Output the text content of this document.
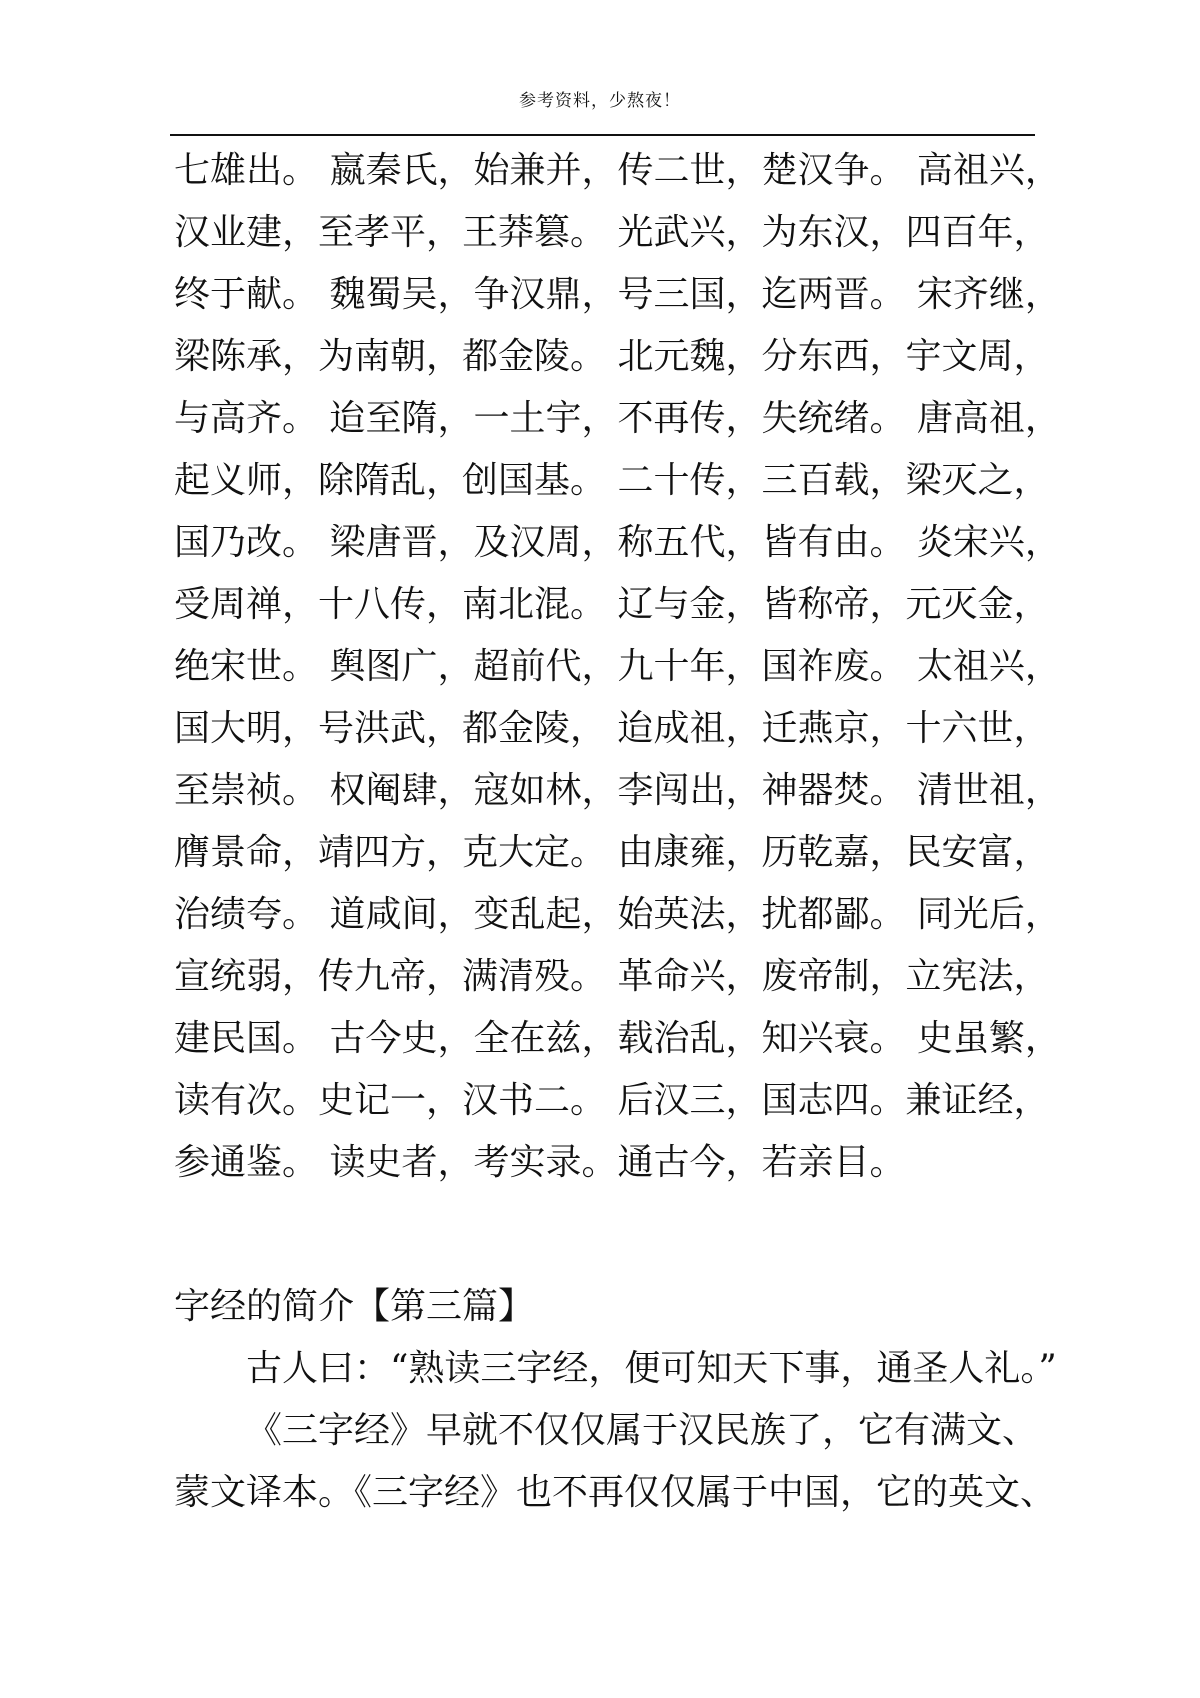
参考资料，少熬夜！
七雄出。 嬴秦氏，始兼并，传二世，楚汉争。 高祖兴，
汉业建，至孝平，王莽篡。 光武兴，为东汉，四百年，
终于献。 魏蜀吴，争汉鼎，号三国，迄两晋。 宋齐继，
梁陈承，为南朝，都金陵。 北元魏，分东西，宇文周，
与高齐。 迨至隋，一土宇，不再传，失统绪。 唐高祖，
起义师，除隋乱，创国基。 二十传，三百载，梁灭之，
国乃改。 梁唐晋，及汉周，称五代，皆有由。 炎宋兴，
受周禅，十八传，南北混。 辽与金，皆称帝，元灭金，
绝宋世。 舆图广，超前代，九十年，国祚废。 太祖兴，
国大明，号洪武，都金陵， 迨成祖，迁燕京，十六世，
至崇祯。 权阉肆，寇如林，李闯出，神器焚。 清世祖，
膺景命，靖四方，克大定。 由康雍，历乾嘉，民安富，
治绩夸。 道咸间，变乱起，始英法，扰都鄙。 同光后，
宣统弱，传九帝，满清殁。 革命兴，废帝制，立宪法，
建民国。 古今史，全在兹，载治乱，知兴衰。 史虽繁，
读有次。史记一，汉书二。 后汉三，国志四。兼证经，
参通鉴。 读史者，考实录。通古今，若亲目。
字经的简介【第三篇】
古人曰：“熟读三字经，便可知天下事，通圣人礼。”
《三字经》早就不仅仅属于汉民族了，它有满文、
蒙文译本。《三字经》也不再仅仅属于中国，它的英文、
